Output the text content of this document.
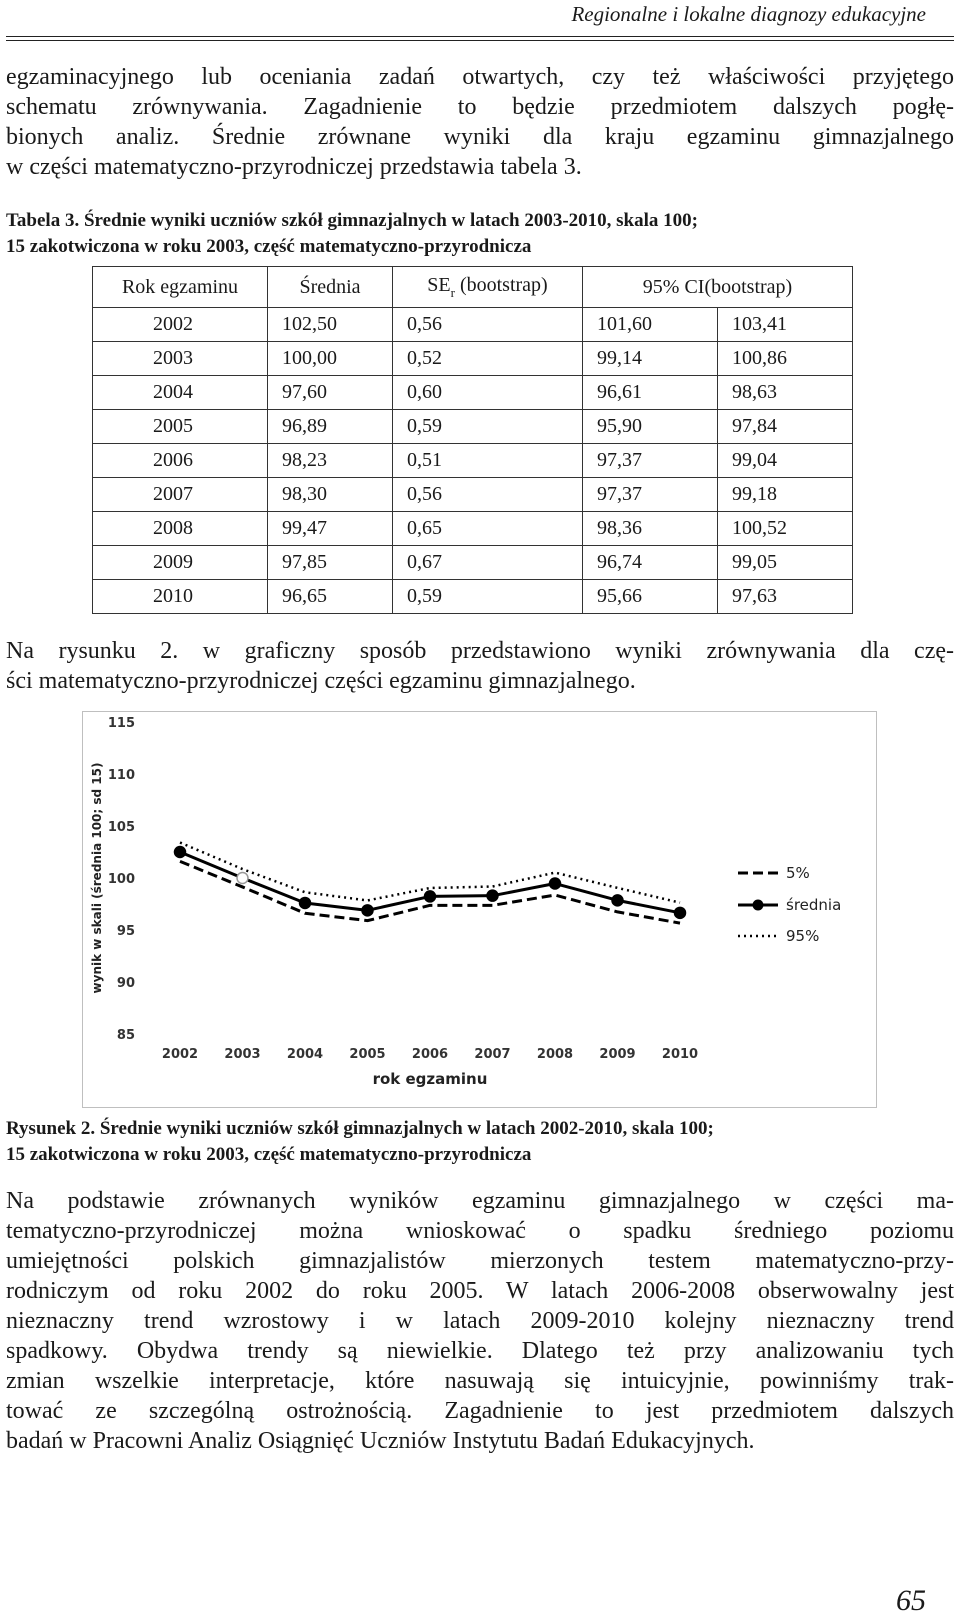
Regionalne i lokalne diagnozy edukacyjne
egzaminacyjnego lub oceniania zadań otwartych, czy też właściwości przyjętego
schematu zrównywania. Zagadnienie to będzie przedmiotem dalszych pogłę-
bionych analiz. Średnie zrównane wyniki dla kraju egzaminu gimnazjalnego
w części matematyczno-przyrodniczej przedstawia tabela 3.
Tabela 3. Średnie wyniki uczniów szkół gimnazjalnych w latach 2003-2010, skala 100;
15 zakotwiczona w roku 2003, część matematyczno-przyrodnicza
Rok egzaminu	Średnia	$SE_r$ (bootstrap)	95% CI(bootstrap)	
2002	102,50	0,56	101,60	103,41
2003	100,00	0,52	99,14	100,86
2004	97,60	0,60	96,61	98,63
2005	96,89	0,59	95,90	97,84
2006	98,23	0,51	97,37	99,04
2007	98,30	0,56	97,37	99,18
2008	99,47	0,65	98,36	100,52
2009	97,85	0,67	96,74	99,05
2010	96,65	0,59	95,66	97,63
Na rysunku 2. w graficzny sposób przedstawiono wyniki zrównywania dla czę-
ści matematyczno-przyrodniczej części egzaminu gimnazjalnego.
85
90
95
100
105
110
115
2002 2003 2004 2005 2006 2007 2008 2009 2010
rok egzaminu
wynik w skali (średnia 100; sd 15)	5%
średnia
95%
Rysunek 2. Średnie wyniki uczniów szkół gimnazjalnych w latach 2002-2010, skala 100;
15 zakotwiczona w roku 2003, część matematyczno-przyrodnicza
Na podstawie zrównanych wyników egzaminu gimnazjalnego w części ma-
tematyczno-przyrodniczej można wnioskować o spadku średniego poziomu
umiejętności polskich gimnazjalistów mierzonych testem matematyczno-przy-
rodniczym od roku 2002 do roku 2005. W latach 2006-2008 obserwowalny jest
nieznaczny trend wzrostowy i w latach 2009-2010 kolejny nieznaczny trend
spadkowy. Obydwa trendy są niewielkie. Dlatego też przy analizowaniu tych
zmian wszelkie interpretacje, które nasuwają się intuicyjnie, powinniśmy trak-
tować ze szczególną ostrożnością. Zagadnienie to jest przedmiotem dalszych
badań w Pracowni Analiz Osiągnięć Uczniów Instytutu Badań Edukacyjnych.
65
